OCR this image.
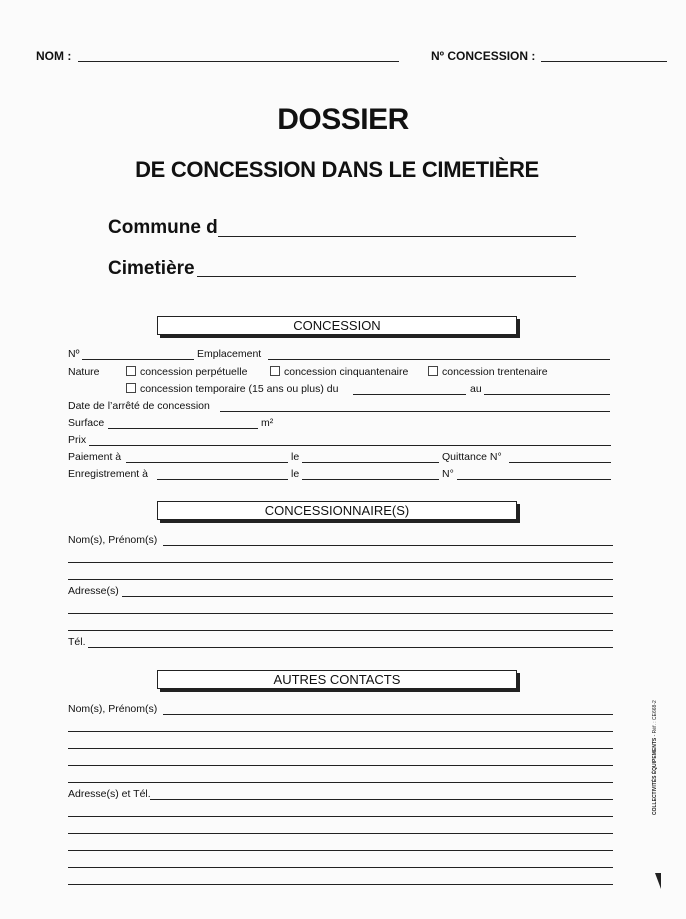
NOM :	Nº CONCESSION :
DOSSIER
DE CONCESSION DANS LE CIMETIÈRE
Commune d
Cimetière
CONCESSION
Nº	Emplacement
Nature	concession perpétuelle	concession cinquantenaire	concession trentenaire
concession temporaire (15 ans ou plus) du	au
Date de l’arrêté de concession
Surface	m²
Prix
Paiement à	le	Quittance N°
Enregistrement à	le	N°
CONCESSIONNAIRE(S)
Nom(s), Prénom(s)
Adresse(s)
Tél.
AUTRES CONTACTS
Nom(s), Prénom(s)
Adresse(s) et Tél.	COLLECTIVITÉS ÉQUIPEMENTS - Réf. : CE668-2
